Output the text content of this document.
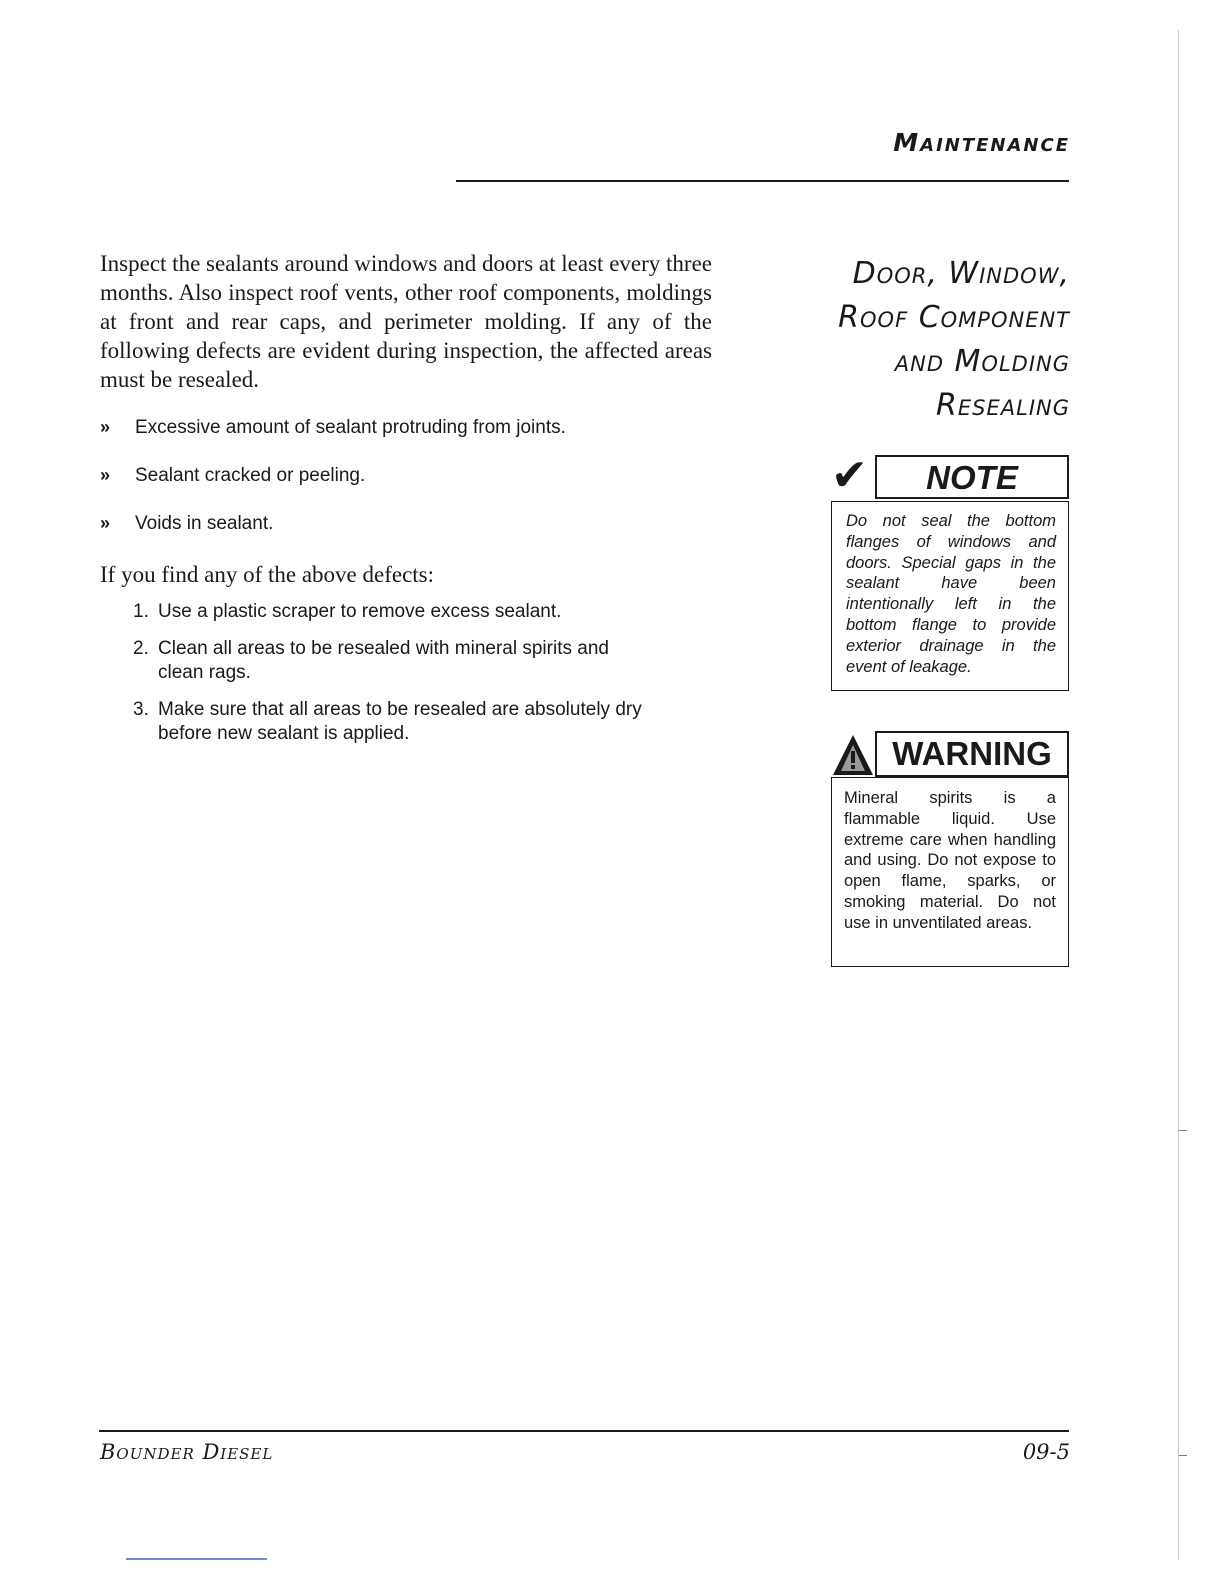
Maintenance
Inspect the sealants around windows and doors at least every three months. Also inspect roof vents, other roof components, moldings at front and rear caps, and perimeter molding. If any of the following defects are evident during inspection, the affected areas must be resealed.
»	Excessive amount of sealant protruding from joints.
»	Sealant cracked or peeling.
»	Voids in sealant.
If you find any of the above defects:
1. Use a plastic scraper to remove excess sealant.
2. Clean all areas to be resealed with mineral spirits and clean rags.
3. Make sure that all areas to be resealed are absolutely dry before new sealant is applied.
Door, Window,
Roof Component
and Molding
Resealing
✔	NOTE
Do not seal the bottom flanges of windows and doors. Special gaps in the sealant have been intentionally left in the bottom flange to provide exterior drainage in the event of leakage.
WARNING
Mineral spirits is a flammable liquid. Use extreme care when handling and using. Do not expose to open flame, sparks, or smoking material. Do not use in unventilated areas.
Bounder Diesel	09-5
